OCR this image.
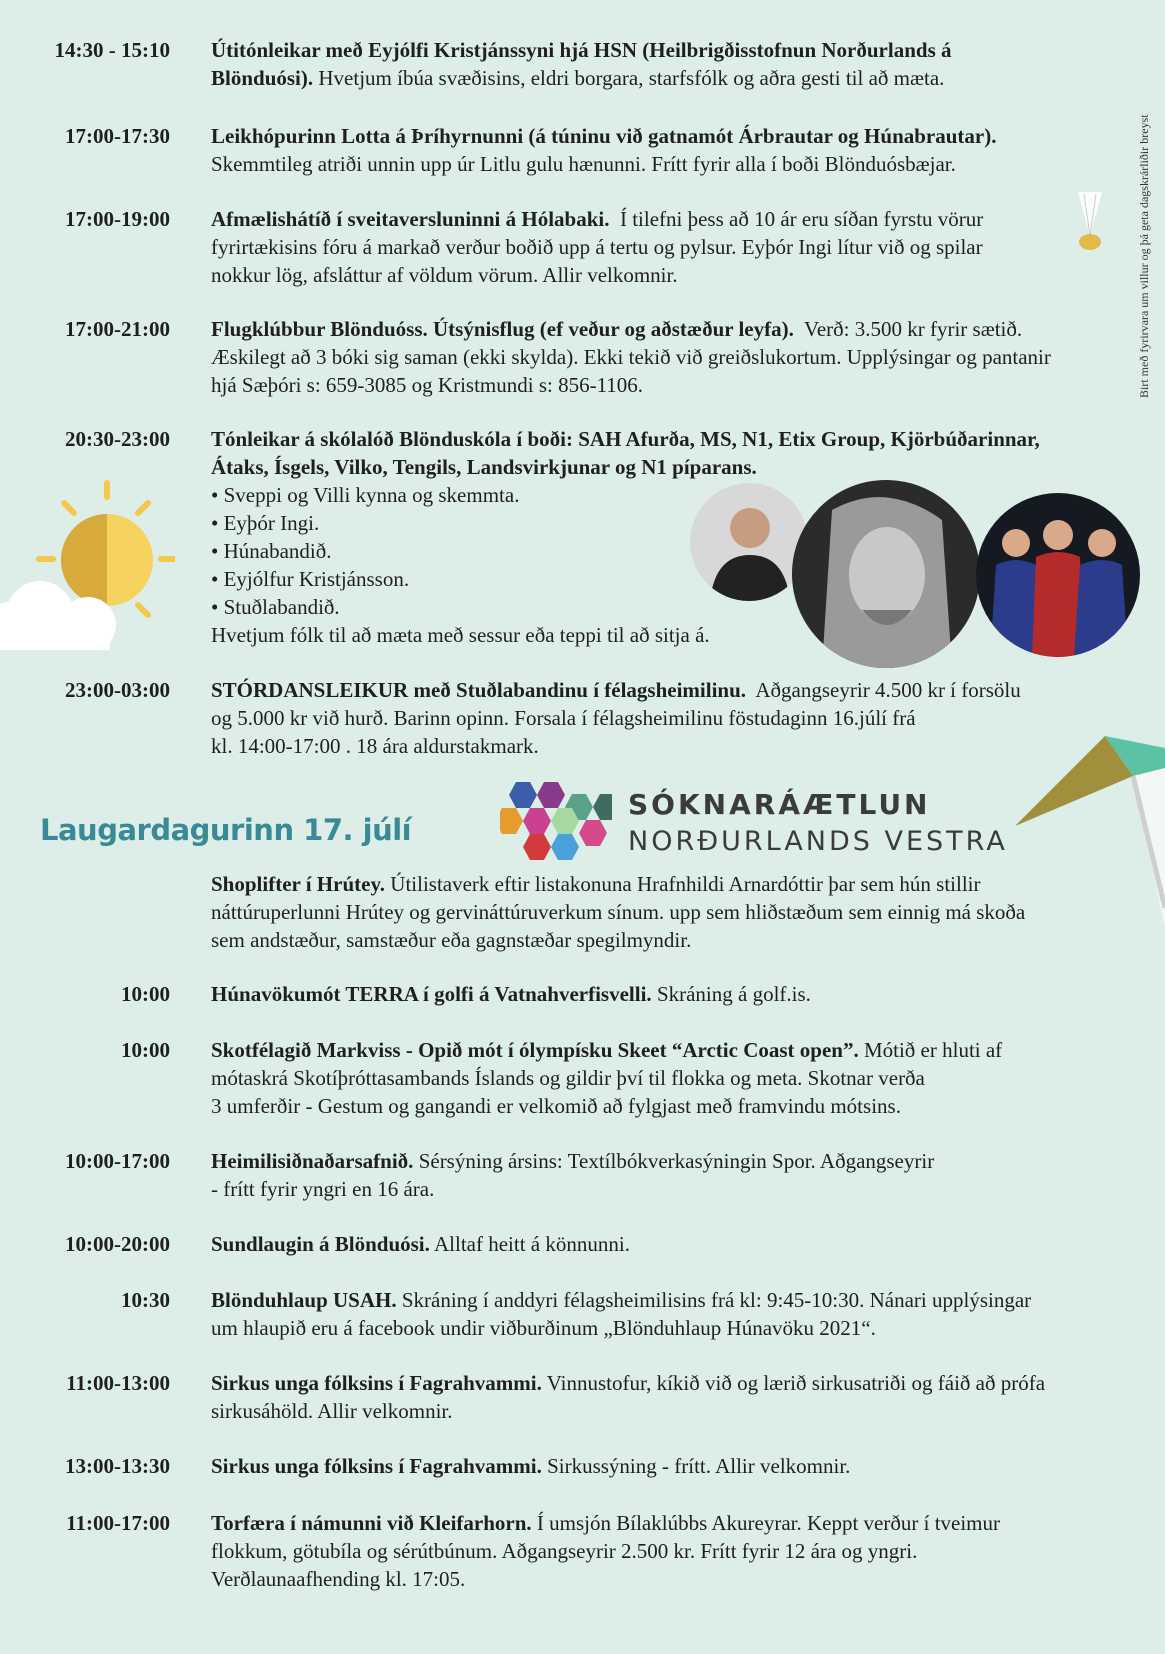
Birt með fyrirvara um villur og þá geta dagskrárliðir breyst
SÓKNARÁÆTLUN
NORÐURLANDS VESTRA
Laugardagurinn 17. júlí
14:30 - 15:10 Útitónleikar með Eyjólfi Kristjánssyni hjá HSN (Heilbrigðisstofnun Norðurlands á
Blönduósi). Hvetjum íbúa svæðisins, eldri borgara, starfsfólk og aðra gesti til að mæta.
17:00-17:30 Leikhópurinn Lotta á Þríhyrnunni (á túninu við gatnamót Árbrautar og Húnabrautar).
Skemmtileg atriði unnin upp úr Litlu gulu hænunni. Frítt fyrir alla í boði Blönduósbæjar.
17:00-19:00 Afmælishátíð í sveitaversluninni á Hólabaki. Í tilefni þess að 10 ár eru síðan fyrstu vörur
fyrirtækisins fóru á markað verður boðið upp á tertu og pylsur. Eyþór Ingi lítur við og spilar
nokkur lög, afsláttur af völdum vörum. Allir velkomnir.
17:00-21:00 Flugklúbbur Blönduóss. Útsýnisflug (ef veður og aðstæður leyfa). Verð: 3.500 kr fyrir sætið.
Æskilegt að 3 bóki sig saman (ekki skylda). Ekki tekið við greiðslukortum. Upplýsingar og pantanir
hjá Sæþóri s: 659-3085 og Kristmundi s: 856-1106.
20:30-23:00 Tónleikar á skólalóð Blönduskóla í boði: SAH Afurða, MS, N1, Etix Group, Kjörbúðarinnar,
Átaks, Ísgels, Vilko, Tengils, Landsvirkjunar og N1 píparans.
• Sveppi og Villi kynna og skemmta.
• Eyþór Ingi.
• Húnabandið.
• Eyjólfur Kristjánsson.
• Stuðlabandið.
Hvetjum fólk til að mæta með sessur eða teppi til að sitja á.
23:00-03:00 STÓRDANSLEIKUR með Stuðlabandinu í félagsheimilinu. Aðgangseyrir 4.500 kr í forsölu
og 5.000 kr við hurð. Barinn opinn. Forsala í félagsheimilinu föstudaginn 16.júlí frá
kl. 14:00-17:00 . 18 ára aldurstakmark.
Shoplifter í Hrútey. Útilistaverk eftir listakonuna Hrafnhildi Arnardóttir þar sem hún stillir
náttúruperlunni Hrútey og gervináttúruverkum sínum. upp sem hliðstæðum sem einnig má skoða
sem andstæður, samstæður eða gagnstæðar spegilmyndir.
10:00 Húnavökumót TERRA í golfi á Vatnahverfisvelli. Skráning á golf.is.
10:00 Skotfélagið Markviss - Opið mót í ólympísku Skeet “Arctic Coast open”. Mótið er hluti af
mótaskrá Skotíþróttasambands Íslands og gildir því til flokka og meta. Skotnar verða
3 umferðir - Gestum og gangandi er velkomið að fylgjast með framvindu mótsins.
10:00-17:00 Heimilisiðnaðarsafnið. Sérsýning ársins: Textílbókverkasýningin Spor. Aðgangseyrir
- frítt fyrir yngri en 16 ára.
10:00-20:00 Sundlaugin á Blönduósi. Alltaf heitt á könnunni.
10:30 Blönduhlaup USAH. Skráning í anddyri félagsheimilisins frá kl: 9:45-10:30. Nánari upplýsingar
um hlaupið eru á facebook undir viðburðinum „Blönduhlaup Húnavöku 2021“.
11:00-13:00 Sirkus unga fólksins í Fagrahvammi. Vinnustofur, kíkið við og lærið sirkusatriði og fáið að prófa
sirkusáhöld. Allir velkomnir.
13:00-13:30 Sirkus unga fólksins í Fagrahvammi. Sirkussýning - frítt. Allir velkomnir.
11:00-17:00 Torfæra í námunni við Kleifarhorn. Í umsjón Bílaklúbbs Akureyrar. Keppt verður í tveimur
flokkum, götubíla og sérútbúnum. Aðgangseyrir 2.500 kr. Frítt fyrir 12 ára og yngri.
Verðlaunaafhending kl. 17:05.
